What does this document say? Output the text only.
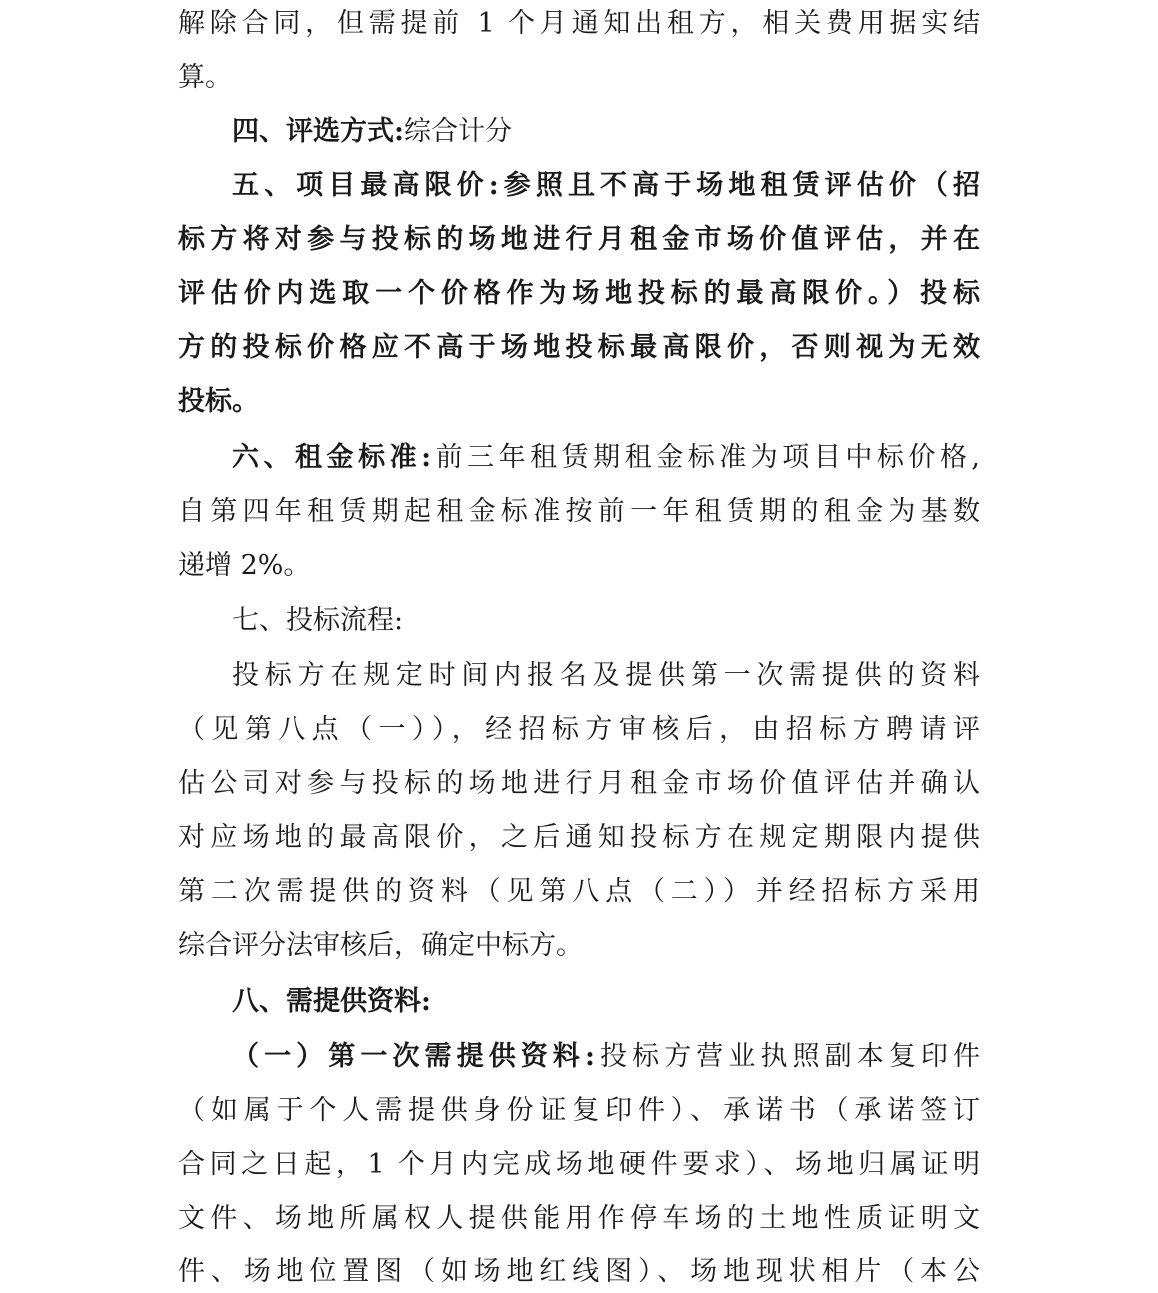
解除合同，但需提前 1 个月通知出租方，相关费用据实结
算。
四、评选方式:综合计分
五、项目最高限价:参照且不高于场地租赁评估价（招
标方将对参与投标的场地进行月租金市场价值评估，并在
评估价内选取一个价格作为场地投标的最高限价。）投标
方的投标价格应不高于场地投标最高限价，否则视为无效
投标。
六、租金标准:前三年租赁期租金标准为项目中标价格,
自第四年租赁期起租金标准按前一年租赁期的租金为基数
递增 2%。
七、投标流程:
投标方在规定时间内报名及提供第一次需提供的资料
（见第八点（一）），经招标方审核后，由招标方聘请评
估公司对参与投标的场地进行月租金市场价值评估并确认
对应场地的最高限价，之后通知投标方在规定期限内提供
第二次需提供的资料（见第八点（二））并经招标方采用
综合评分法审核后，确定中标方。
八、需提供资料:
（一）第一次需提供资料:投标方营业执照副本复印件
（如属于个人需提供身份证复印件）、承诺书（承诺签订
合同之日起，1 个月内完成场地硬件要求）、场地归属证明
文件、场地所属权人提供能用作停车场的土地性质证明文
件、场地位置图（如场地红线图）、场地现状相片（本公
